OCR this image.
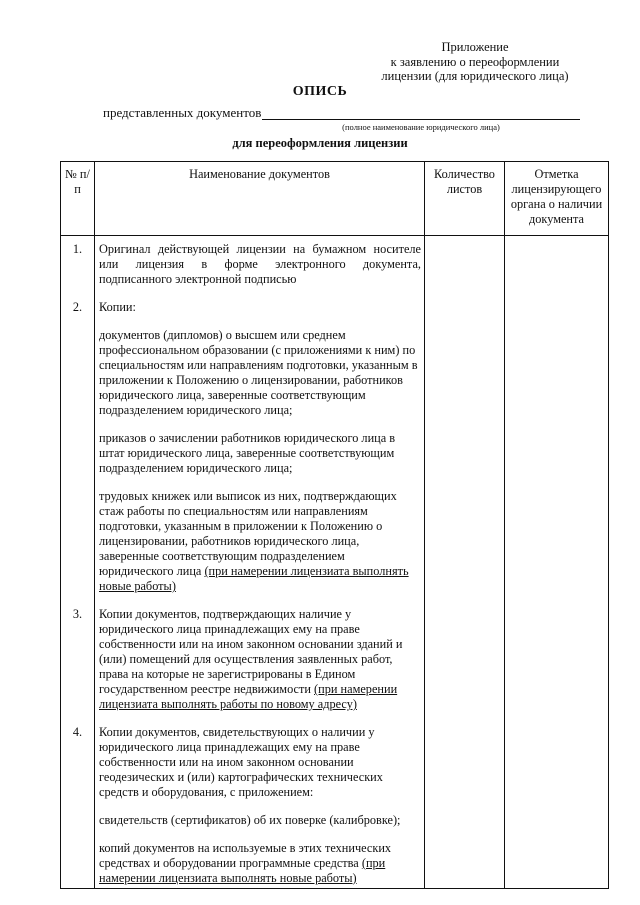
Приложение
к заявлению о переоформлении
лицензии (для юридического лица)
ОПИСЬ
представленных документов
(полное наименование юридического лица)
для переоформления лицензии
№ п/п	Наименование документов	Количество листов	Отметка лицензирующего органа о наличии документа
1.	Оригинал действующей лицензии на бумажном носителе или лицензия в форме электронного документа, подписанного электронной подписью		

2.	Копии:
документов (дипломов) о высшем или среднем профессиональном образовании (с приложениями к ним) по специальностям или направлениям подготовки, указанным в приложении к Положению о лицензировании, работников юридического лица, заверенные соответствующим подразделением юридического лица;
приказов о зачислении работников юридического лица в штат юридического лица, заверенные соответствующим подразделением юридического лица;
трудовых книжек или выписок из них, подтверждающих стаж работы по специальностям или направлениям подготовки, указанным в приложении к Положению о лицензировании, работников юридического лица, заверенные соответствующим подразделением юридического лица (при намерении лицензиата выполнять новые работы)		

3.	Копии документов, подтверждающих наличие у юридического лица принадлежащих ему на праве собственности или на ином законном основании зданий и (или) помещений для осуществления заявленных работ, права на которые не зарегистрированы в Едином государственном реестре недвижимости (при намерении лицензиата выполнять работы по новому адресу)		

4.	Копии документов, свидетельствующих о наличии у юридического лица принадлежащих ему на праве собственности или на ином законном основании геодезических и (или) картографических технических средств и оборудования, с приложением:
свидетельств (сертификатов) об их поверке (калибровке);
копий документов на используемые в этих технических средствах и оборудовании программные средства (при намерении лицензиата выполнять новые работы)		
